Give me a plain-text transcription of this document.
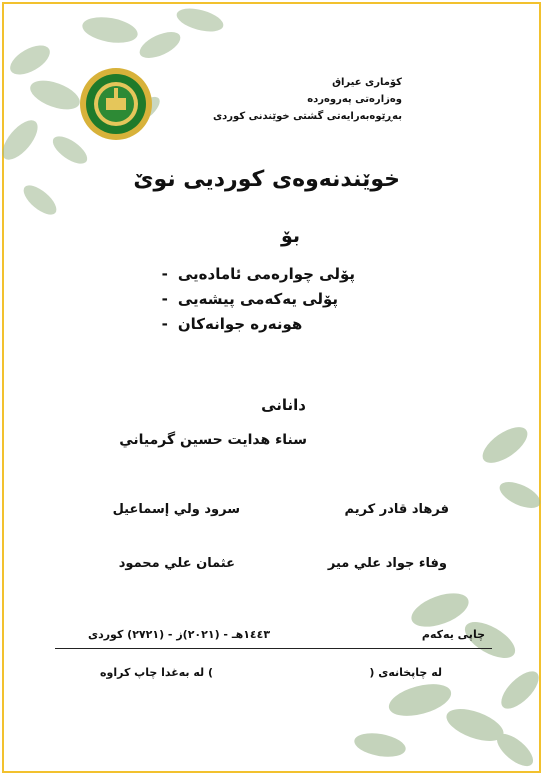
کۆماری عیراق
وەزارەتی پەروەردە
بەڕێوەبەرایەتی گشتی خوێندنی کوردی
خوێندنەوەی کوردیی نوێ
بۆ
- پۆلی چوارەمی ئامادەیی
- پۆلی یەکەمی پیشەیی
- هونەرە جوانەکان
دانانی
سناء هدايت حسين گرمياني
فرهاد قادر كريم
سرود ولي إسماعيل
وفاء جواد علي مير
عثمان علي محمود
چاپی یەکەم
١٤٤٣هـ - (٢٠٢١)ز - (٢٧٢١) کوردی
لە چاپخانەی (
) لە بەغدا چاپ کراوە
